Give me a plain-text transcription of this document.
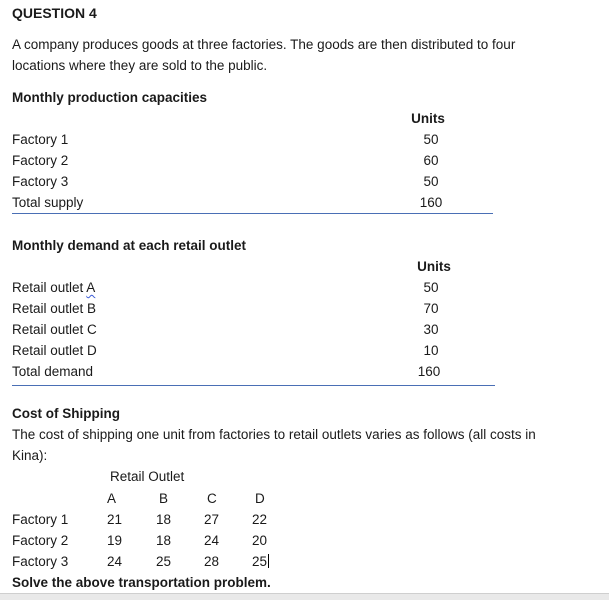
QUESTION 4
A company produces goods at three factories. The goods are then distributed to four
locations where they are sold to the public.
Monthly production capacities
Units
Factory 1	50
Factory 2	60
Factory 3	50
Total supply	160
Monthly demand at each retail outlet
Units
Retail outlet A	50
Retail outlet B	70
Retail outlet C	30
Retail outlet D	10
Total demand	160
Cost of Shipping
The cost of shipping one unit from factories to retail outlets varies as follows (all costs in
Kina):
Retail Outlet
A	B	C	D
Factory 1	21	18 27 22
Factory 2	19	18 24 20
Factory 3	24	25 28 25
Solve the above transportation problem.
